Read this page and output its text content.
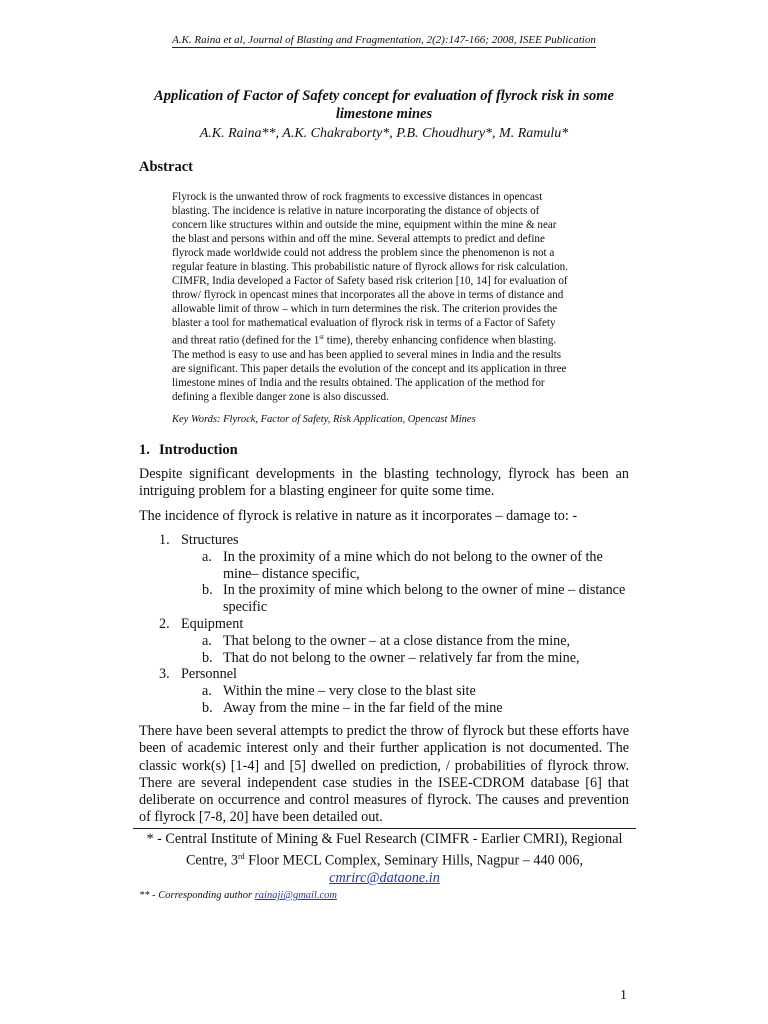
A.K. Raina et al, Journal of Blasting and Fragmentation, 2(2):147-166; 2008, ISEE Publication
Application of Factor of Safety concept for evaluation of flyrock risk in some limestone mines

A.K. Raina**, A.K. Chakraborty*, P.B. Choudhury*, M. Ramulu*

Abstract

Flyrock is the unwanted throw of rock fragments to excessive distances in opencast
blasting. The incidence is relative in nature incorporating the distance of objects of
concern like structures within and outside the mine, equipment within the mine & near
the blast and persons within and off the mine. Several attempts to predict and define
flyrock made worldwide could not address the problem since the phenomenon is not a
regular feature in blasting. This probabilistic nature of flyrock allows for risk calculation.
CIMFR, India developed a Factor of Safety based risk criterion [10, 14] for evaluation of
throw/ flyrock in opencast mines that incorporates all the above in terms of distance and
allowable limit of throw – which in turn determines the risk. The criterion provides the
blaster a tool for mathematical evaluation of flyrock risk in terms of a Factor of Safety
and threat ratio (defined for the 1st time), thereby enhancing confidence when blasting.
The method is easy to use and has been applied to several mines in India and the results
are significant. This paper details the evolution of the concept and its application in three
limestone mines of India and the results obtained. The application of the method for
defining a flexible danger zone is also discussed.

Key Words: Flyrock, Factor of Safety, Risk Application, Opencast Mines

1. Introduction

Despite significant developments in the blasting technology, flyrock has been an intriguing problem for a blasting engineer for quite some time.

The incidence of flyrock is relative in nature as it incorporates – damage to: -

1. Structures

a. In the proximity of a mine which do not belong to the owner of the mine– distance specific,

b. In the proximity of mine which belong to the owner of mine – distance specific

2. Equipment

a. That belong to the owner – at a close distance from the mine,

b. That do not belong to the owner – relatively far from the mine,

3. Personnel

a. Within the mine – very close to the blast site

b. Away from the mine – in the far field of the mine

There have been several attempts to predict the throw of flyrock but these efforts have been of academic interest only and their further application is not documented. The classic work(s) [1-4] and [5] dwelled on prediction, / probabilities of flyrock throw. There are several independent case studies in the ISEE-CDROM database [6] that deliberate on occurrence and control measures of flyrock. The causes and prevention of flyrock [7-8, 20] have been detailed out.

* - Central Institute of Mining & Fuel Research (CIMFR - Earlier CMRI), Regional Centre, 3rd Floor MECL Complex, Seminary Hills, Nagpur – 440 006,
cmrirc@dataone.in

** - Corresponding author rainaji@gmail.com

1
